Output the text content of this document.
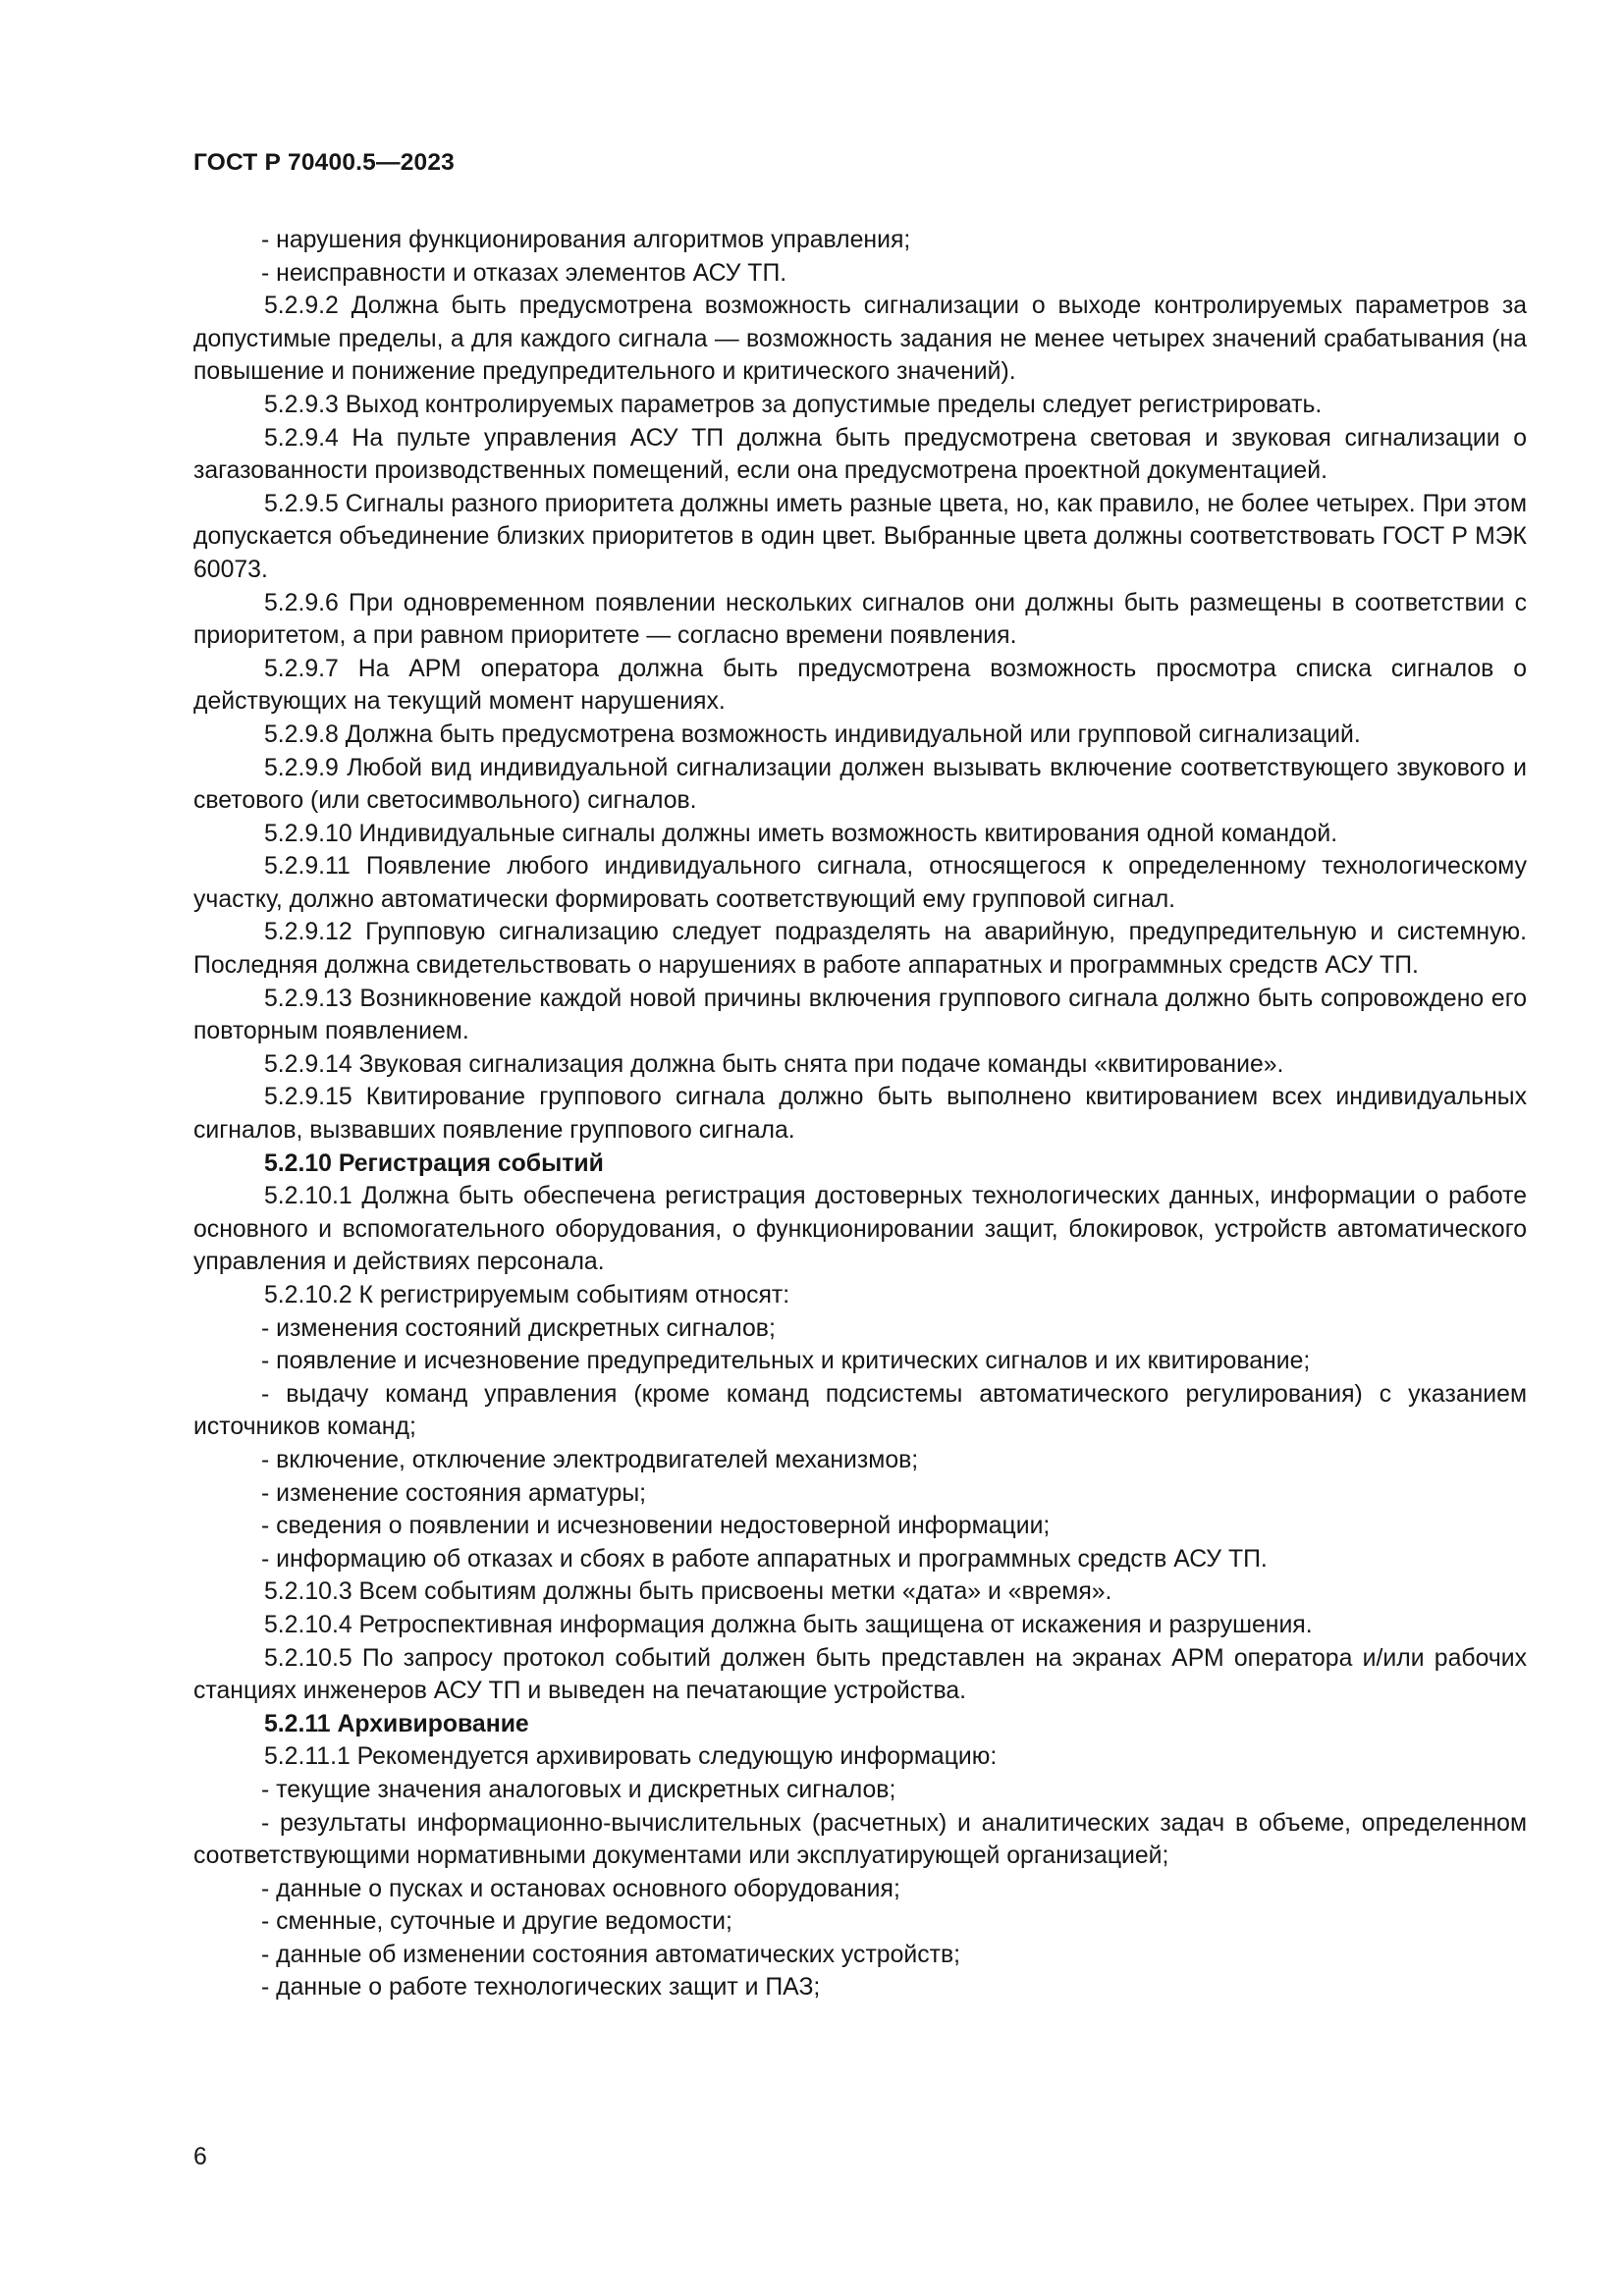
ГОСТ Р 70400.5—2023

- нарушения функционирования алгоритмов управления;

- неисправности и отказах элементов АСУ ТП.

5.2.9.2 Должна быть предусмотрена возможность сигнализации о выходе контролируемых параметров за допустимые пределы, а для каждого сигнала — возможность задания не менее четырех значений срабатывания (на повышение и понижение предупредительного и критического значений).

5.2.9.3 Выход контролируемых параметров за допустимые пределы следует регистрировать.

5.2.9.4 На пульте управления АСУ ТП должна быть предусмотрена световая и звуковая сигнализации о загазованности производственных помещений, если она предусмотрена проектной документацией.

5.2.9.5 Сигналы разного приоритета должны иметь разные цвета, но, как правило, не более четырех. При этом допускается объединение близких приоритетов в один цвет. Выбранные цвета должны соответствовать ГОСТ Р МЭК 60073.

5.2.9.6 При одновременном появлении нескольких сигналов они должны быть размещены в соответствии с приоритетом, а при равном приоритете — согласно времени появления.

5.2.9.7 На АРМ оператора должна быть предусмотрена возможность просмотра списка сигналов о действующих на текущий момент нарушениях.

5.2.9.8 Должна быть предусмотрена возможность индивидуальной или групповой сигнализаций.

5.2.9.9 Любой вид индивидуальной сигнализации должен вызывать включение соответствующего звукового и светового (или светосимвольного) сигналов.

5.2.9.10 Индивидуальные сигналы должны иметь возможность квитирования одной командой.

5.2.9.11 Появление любого индивидуального сигнала, относящегося к определенному технологическому участку, должно автоматически формировать соответствующий ему групповой сигнал.

5.2.9.12 Групповую сигнализацию следует подразделять на аварийную, предупредительную и системную. Последняя должна свидетельствовать о нарушениях в работе аппаратных и программных средств АСУ ТП.

5.2.9.13 Возникновение каждой новой причины включения группового сигнала должно быть сопровождено его повторным появлением.

5.2.9.14 Звуковая сигнализация должна быть снята при подаче команды «квитирование».

5.2.9.15 Квитирование группового сигнала должно быть выполнено квитированием всех индивидуальных сигналов, вызвавших появление группового сигнала.

5.2.10 Регистрация событий

5.2.10.1 Должна быть обеспечена регистрация достоверных технологических данных, информации о работе основного и вспомогательного оборудования, о функционировании защит, блокировок, устройств автоматического управления и действиях персонала.

5.2.10.2 К регистрируемым событиям относят:

- изменения состояний дискретных сигналов;

- появление и исчезновение предупредительных и критических сигналов и их квитирование;

- выдачу команд управления (кроме команд подсистемы автоматического регулирования) с указанием источников команд;

- включение, отключение электродвигателей механизмов;

- изменение состояния арматуры;

- сведения о появлении и исчезновении недостоверной информации;

- информацию об отказах и сбоях в работе аппаратных и программных средств АСУ ТП.

5.2.10.3 Всем событиям должны быть присвоены метки «дата» и «время».

5.2.10.4 Ретроспективная информация должна быть защищена от искажения и разрушения.

5.2.10.5 По запросу протокол событий должен быть представлен на экранах АРМ оператора и/или рабочих станциях инженеров АСУ ТП и выведен на печатающие устройства.

5.2.11 Архивирование

5.2.11.1 Рекомендуется архивировать следующую информацию:

- текущие значения аналоговых и дискретных сигналов;

- результаты информационно-вычислительных (расчетных) и аналитических задач в объеме, определенном соответствующими нормативными документами или эксплуатирующей организацией;

- данные о пусках и остановах основного оборудования;

- сменные, суточные и другие ведомости;

- данные об изменении состояния автоматических устройств;

- данные о работе технологических защит и ПАЗ;

6
